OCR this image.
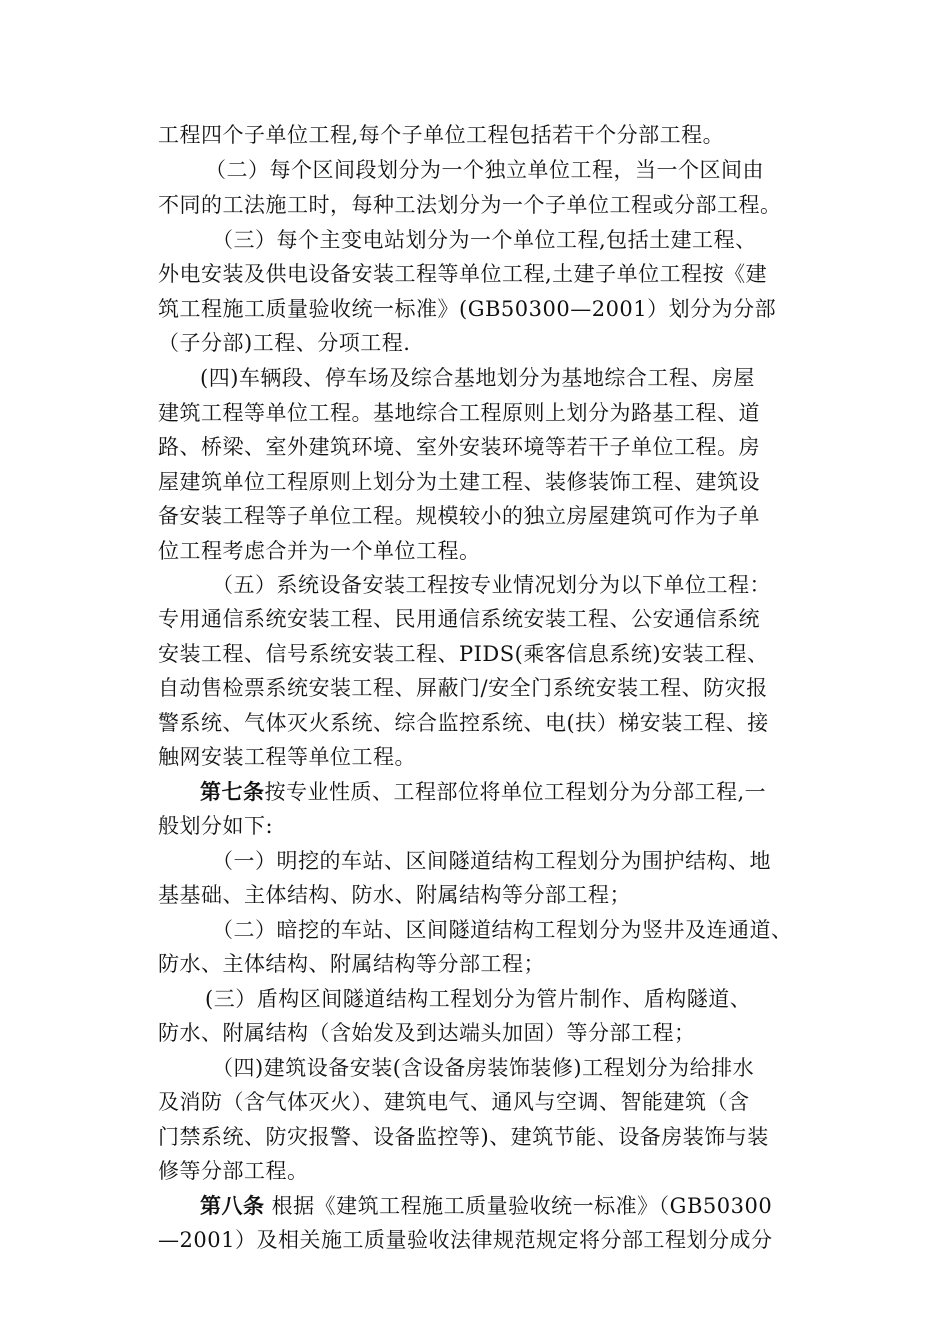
工程四个子单位工程,每个子单位工程包括若干个分部工程。
（二）每个区间段划分为一个独立单位工程，当一个区间由
不同的工法施工时，每种工法划分为一个子单位工程或分部工程。
（三）每个主变电站划分为一个单位工程,包括土建工程、
外电安装及供电设备安装工程等单位工程,土建子单位工程按《建
筑工程施工质量验收统一标准》(GB50300—2001）划分为分部
（子分部)工程、分项工程.
(四)车辆段、停车场及综合基地划分为基地综合工程、房屋
建筑工程等单位工程。基地综合工程原则上划分为路基工程、道
路、桥梁、室外建筑环境、室外安装环境等若干子单位工程。房
屋建筑单位工程原则上划分为土建工程、装修装饰工程、建筑设
备安装工程等子单位工程。规模较小的独立房屋建筑可作为子单
位工程考虑合并为一个单位工程。
（五）系统设备安装工程按专业情况划分为以下单位工程：
专用通信系统安装工程、民用通信系统安装工程、公安通信系统
安装工程、信号系统安装工程、PIDS(乘客信息系统)安装工程、
自动售检票系统安装工程、屏蔽门/安全门系统安装工程、防灾报
警系统、气体灭火系统、综合监控系统、电(扶）梯安装工程、接
触网安装工程等单位工程。
第七条按专业性质、工程部位将单位工程划分为分部工程,一
般划分如下:
（一）明挖的车站、区间隧道结构工程划分为围护结构、地
基基础、主体结构、防水、附属结构等分部工程；
（二）暗挖的车站、区间隧道结构工程划分为竖井及连通道、
防水、主体结构、附属结构等分部工程；
(三）盾构区间隧道结构工程划分为管片制作、盾构隧道、
防水、附属结构（含始发及到达端头加固）等分部工程；
（四)建筑设备安装(含设备房装饰装修)工程划分为给排水
及消防（含气体灭火）、建筑电气、通风与空调、智能建筑（含
门禁系统、防灾报警、设备监控等)、建筑节能、设备房装饰与装
修等分部工程。
第八条 根据《建筑工程施工质量验收统一标准》（GB50300
—2001）及相关施工质量验收法律规范规定将分部工程划分成分
